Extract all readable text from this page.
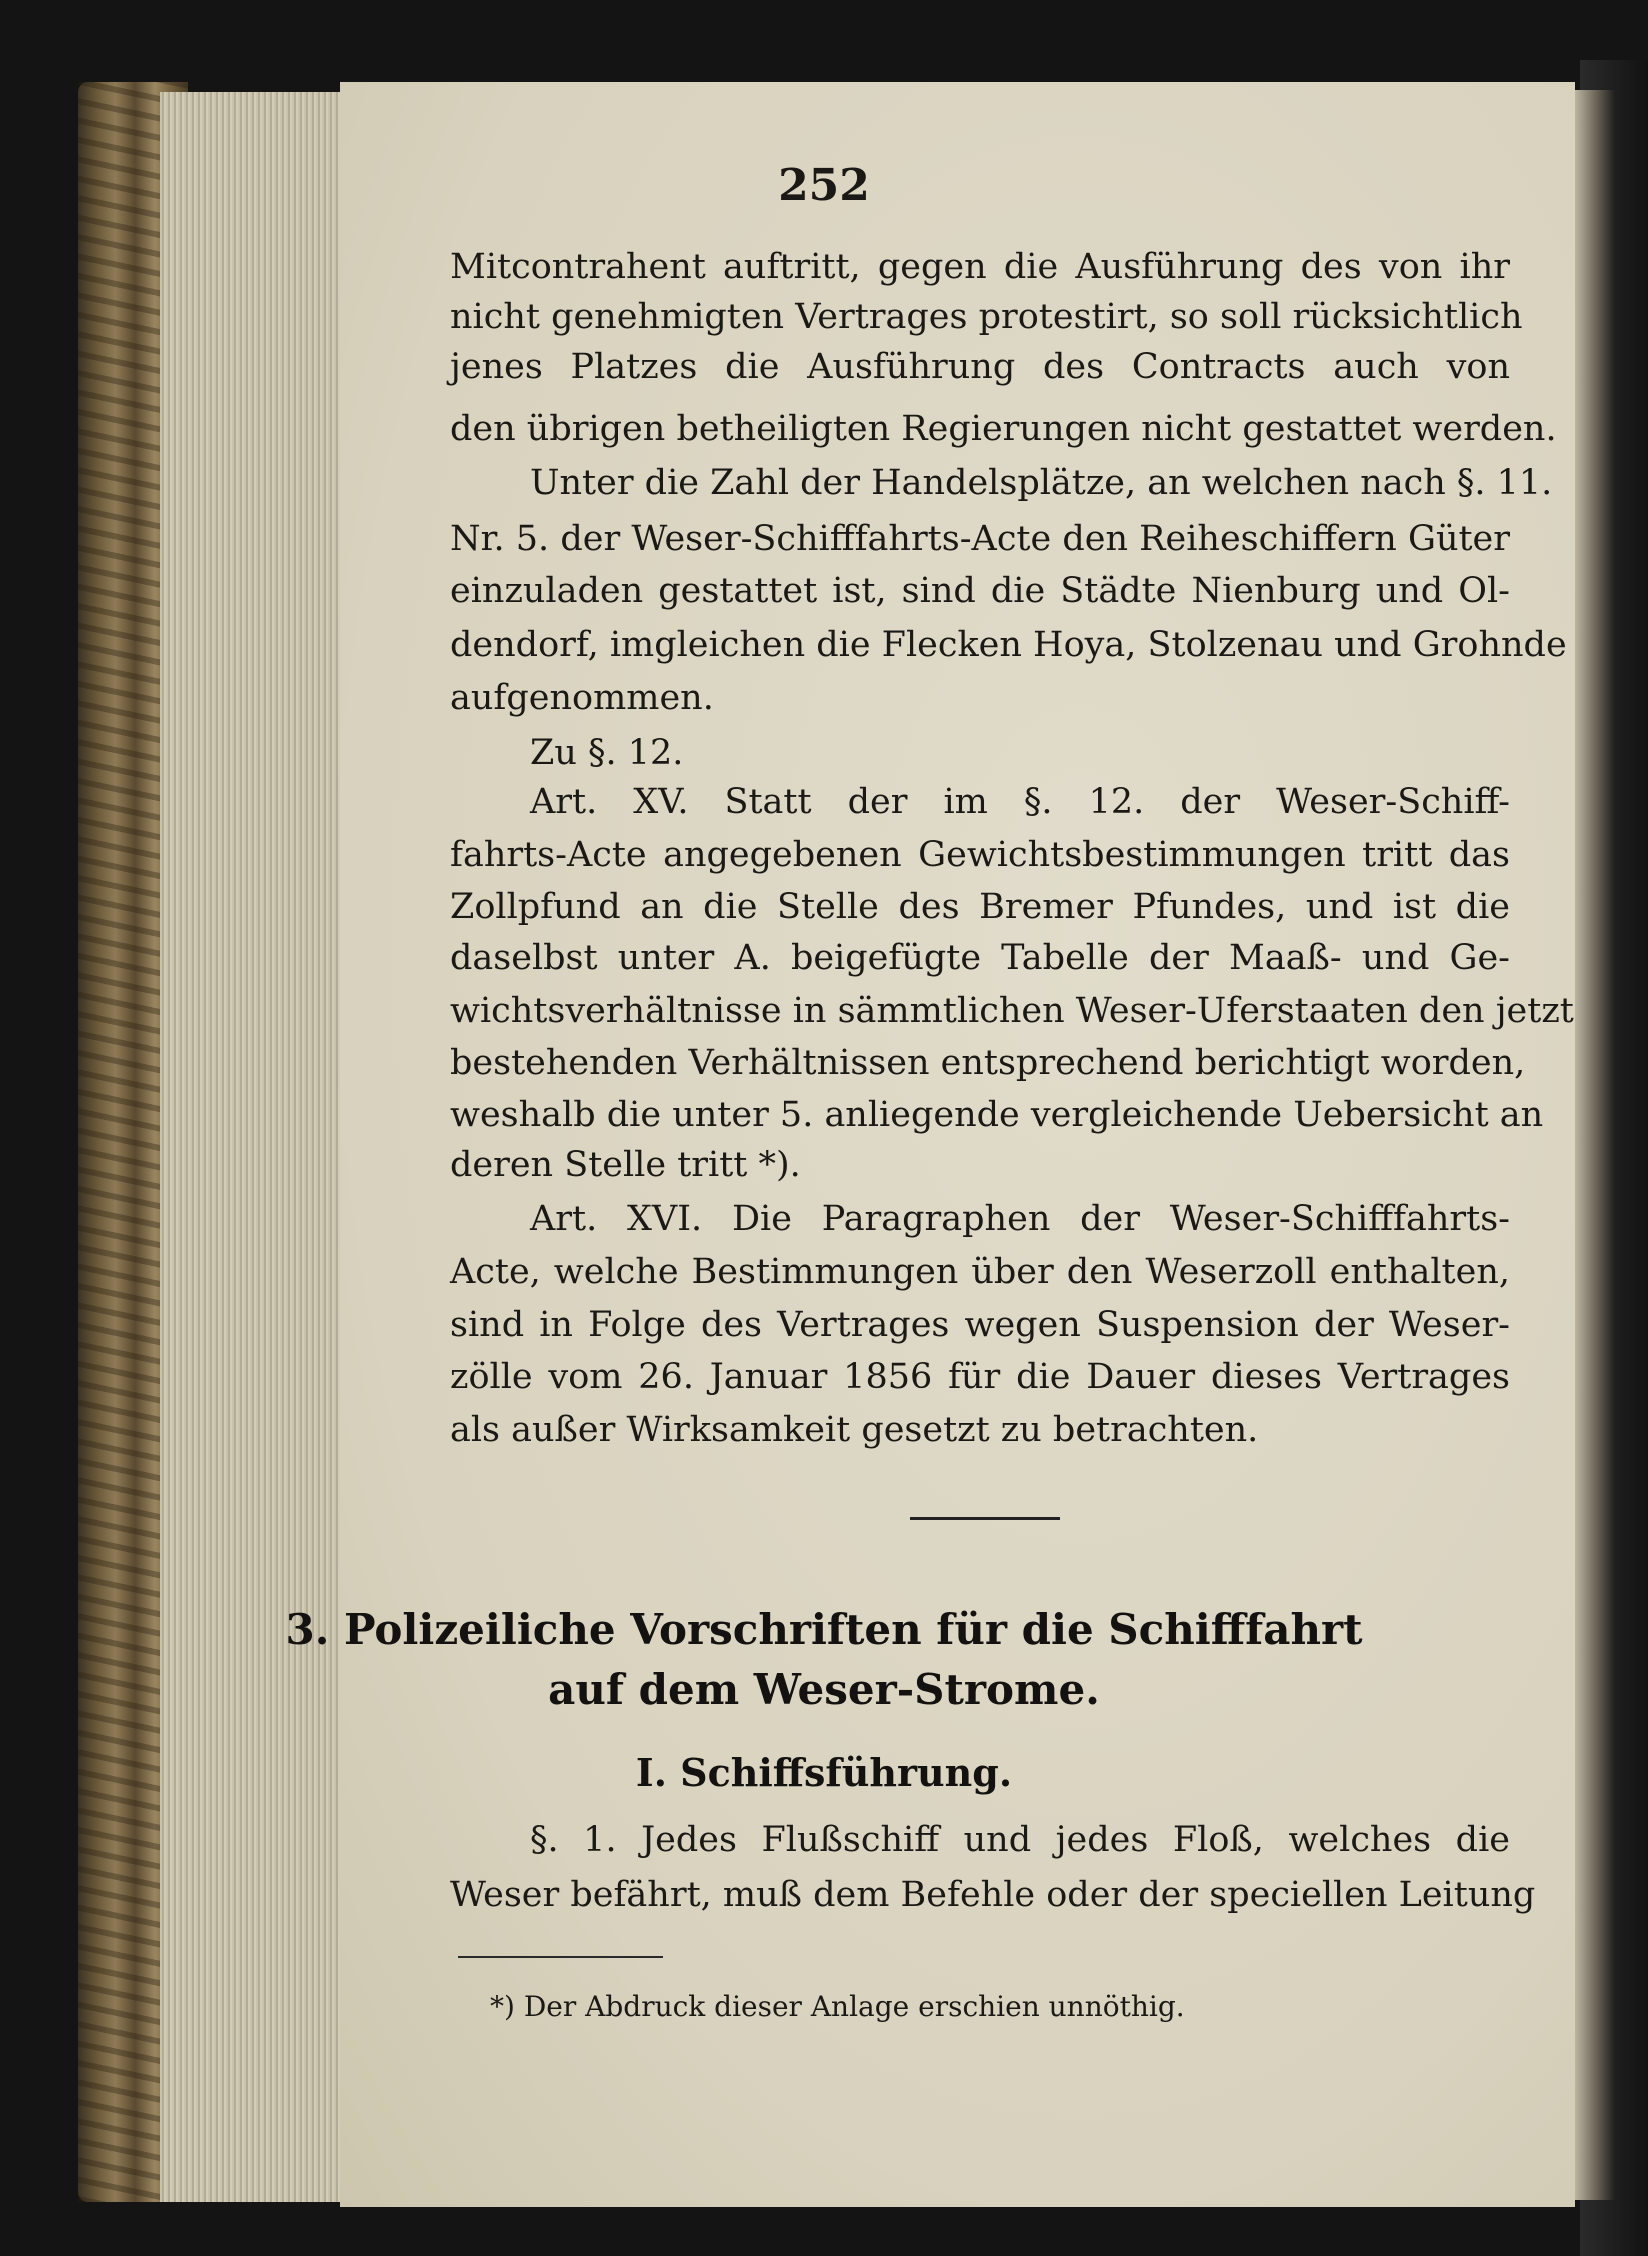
252
Mitcontrahent auftritt, gegen die Ausführung des von ihr
nicht genehmigten Vertrages protestirt, so soll rücksichtlich
jenes Platzes die Ausführung des Contracts auch von
den übrigen betheiligten Regierungen nicht gestattet werden.
Unter die Zahl der Handelsplätze, an welchen nach §. 11.
Nr. 5. der Weser-Schifffahrts-Acte den Reiheschiffern Güter
einzuladen gestattet ist, sind die Städte Nienburg und Ol-
dendorf, imgleichen die Flecken Hoya, Stolzenau und Grohnde
aufgenommen.
Zu §. 12.
Art. XV. Statt der im §. 12. der Weser-Schiff-
fahrts-Acte angegebenen Gewichtsbestimmungen tritt das
Zollpfund an die Stelle des Bremer Pfundes, und ist die
daselbst unter A. beigefügte Tabelle der Maaß- und Ge-
wichtsverhältnisse in sämmtlichen Weser-Uferstaaten den jetzt
bestehenden Verhältnissen entsprechend berichtigt worden,
weshalb die unter 5. anliegende vergleichende Uebersicht an
deren Stelle tritt *).
Art. XVI. Die Paragraphen der Weser-Schifffahrts-
Acte, welche Bestimmungen über den Weserzoll enthalten,
sind in Folge des Vertrages wegen Suspension der Weser-
zölle vom 26. Januar 1856 für die Dauer dieses Vertrages
als außer Wirksamkeit gesetzt zu betrachten.
3. Polizeiliche Vorschriften für die Schifffahrt
auf dem Weser-Strome.
I. Schiffsführung.
§. 1. Jedes Flußschiff und jedes Floß, welches die
Weser befährt, muß dem Befehle oder der speciellen Leitung
*) Der Abdruck dieser Anlage erschien unnöthig.
